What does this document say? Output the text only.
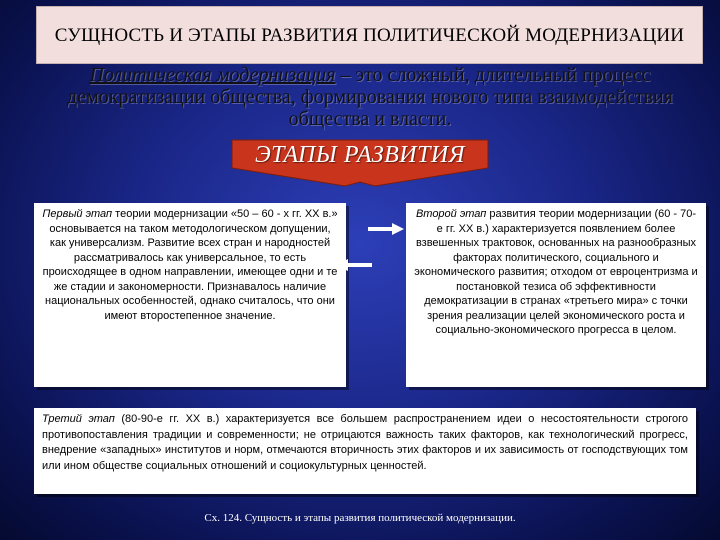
СУЩНОСТЬ И ЭТАПЫ РАЗВИТИЯ ПОЛИТИЧЕСКОЙ МОДЕРНИЗАЦИИ
Политическая модернизация – это сложный, длительный процесс демократизации общества, формирования нового типа взаимодействия общества и власти.
ЭТАПЫ РАЗВИТИЯ
Первый этап теории модернизации «50 – 60 - х гг. XX в.» основывается на таком методологическом допущении, как универсализм. Развитие всех стран и народностей рассматривалось как универсальное, то есть происходящее в одном направлении, имеющее одни и те же стадии и закономерности. Признавалось наличие национальных особенностей, однако считалось, что они имеют второстепенное значение.
Второй этап развития теории модернизации (60 - 70-е гг. XX в.) характеризуется появлением более взвешенных трактовок, основанных на разнообразных факторах политического, социального и экономического развития; отходом от евроцентризма и постановкой тезиса об эффективности демократизации в странах «третьего мира» с точки зрения реализации целей экономического роста и социально-экономического прогресса в целом.
Третий этап (80-90-е гг. XX в.) характеризуется все большем распространением идеи о несостоятельности строгого противопоставления традиции и современности; не отрицаются важность таких факторов, как технологический прогресс, внедрение «западных» институтов и норм, отмечаются вторичность этих факторов и их зависимость от господствующих том или ином обществе социальных отношений и социокультурных ценностей.
Сх. 124. Сущность и этапы развития политической модернизации.
